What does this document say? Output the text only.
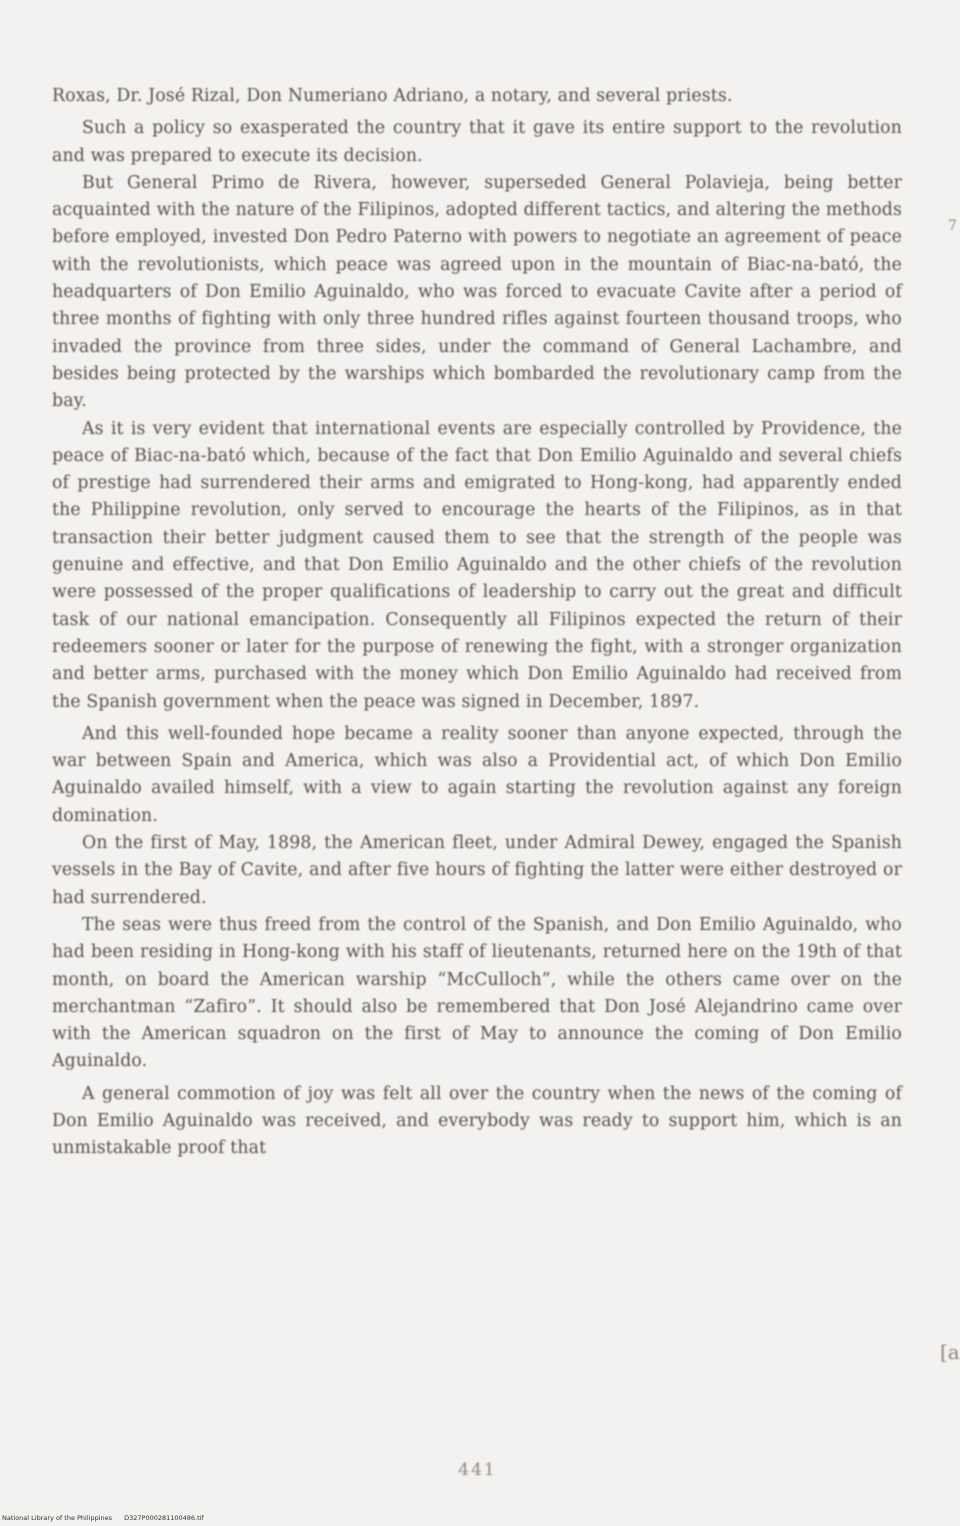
Roxas, Dr. José Rizal, Don Numeriano Adriano, a notary, and several priests.

Such a policy so exasperated the country that it gave its entire support to the revolution and was prepared to execute its decision.

But General Primo de Rivera, however, superseded General Polavieja, being better acquainted with the nature of the Filipinos, adopted different tactics, and altering the methods before employed, invested Don Pedro Paterno with powers to negotiate an agreement of peace with the revolutionists, which peace was agreed upon in the mountain of Biac-na-bató, the headquarters of Don Emilio Aguinaldo, who was forced to evacuate Cavite after a period of three months of fighting with only three hundred rifles against fourteen thousand troops, who invaded the province from three sides, under the command of General Lachambre, and besides being protected by the warships which bombarded the revolutionary camp from the bay.

As it is very evident that international events are especially controlled by Providence, the peace of Biac-na-bató which, because of the fact that Don Emilio Aguinaldo and several chiefs of prestige had surrendered their arms and emigrated to Hong-kong, had apparently ended the Philippine revolution, only served to encourage the hearts of the Filipinos, as in that transaction their better judgment caused them to see that the strength of the people was genuine and effective, and that Don Emilio Aguinaldo and the other chiefs of the revolution were possessed of the proper qualifications of leadership to carry out the great and difficult task of our national emancipation. Consequently all Filipinos expected the return of their redeemers sooner or later for the purpose of renewing the fight, with a stronger organization and better arms, purchased with the money which Don Emilio Aguinaldo had received from the Spanish government when the peace was signed in December, 1897.

And this well-founded hope became a reality sooner than anyone expected, through the war between Spain and America, which was also a Providential act, of which Don Emilio Aguinaldo availed himself, with a view to again starting the revolution against any foreign domination.

On the first of May, 1898, the American fleet, under Admiral Dewey, engaged the Spanish vessels in the Bay of Cavite, and after five hours of fighting the latter were either destroyed or had surrendered.

The seas were thus freed from the control of the Spanish, and Don Emilio Aguinaldo, who had been residing in Hong-kong with his staff of lieutenants, returned here on the 19th of that month, on board the American warship “McCulloch”, while the others came over on the merchantman “Zafiro”. It should also be remembered that Don José Alejandrino came over with the American squadron on the first of May to announce the coming of Don Emilio Aguinaldo.

A general commotion of joy was felt all over the country when the news of the coming of Don Emilio Aguinaldo was received, and everybody was ready to support him, which is an unmistakable proof that

7
[a
441
National Library of the Philippines D327P000281100486.tif
